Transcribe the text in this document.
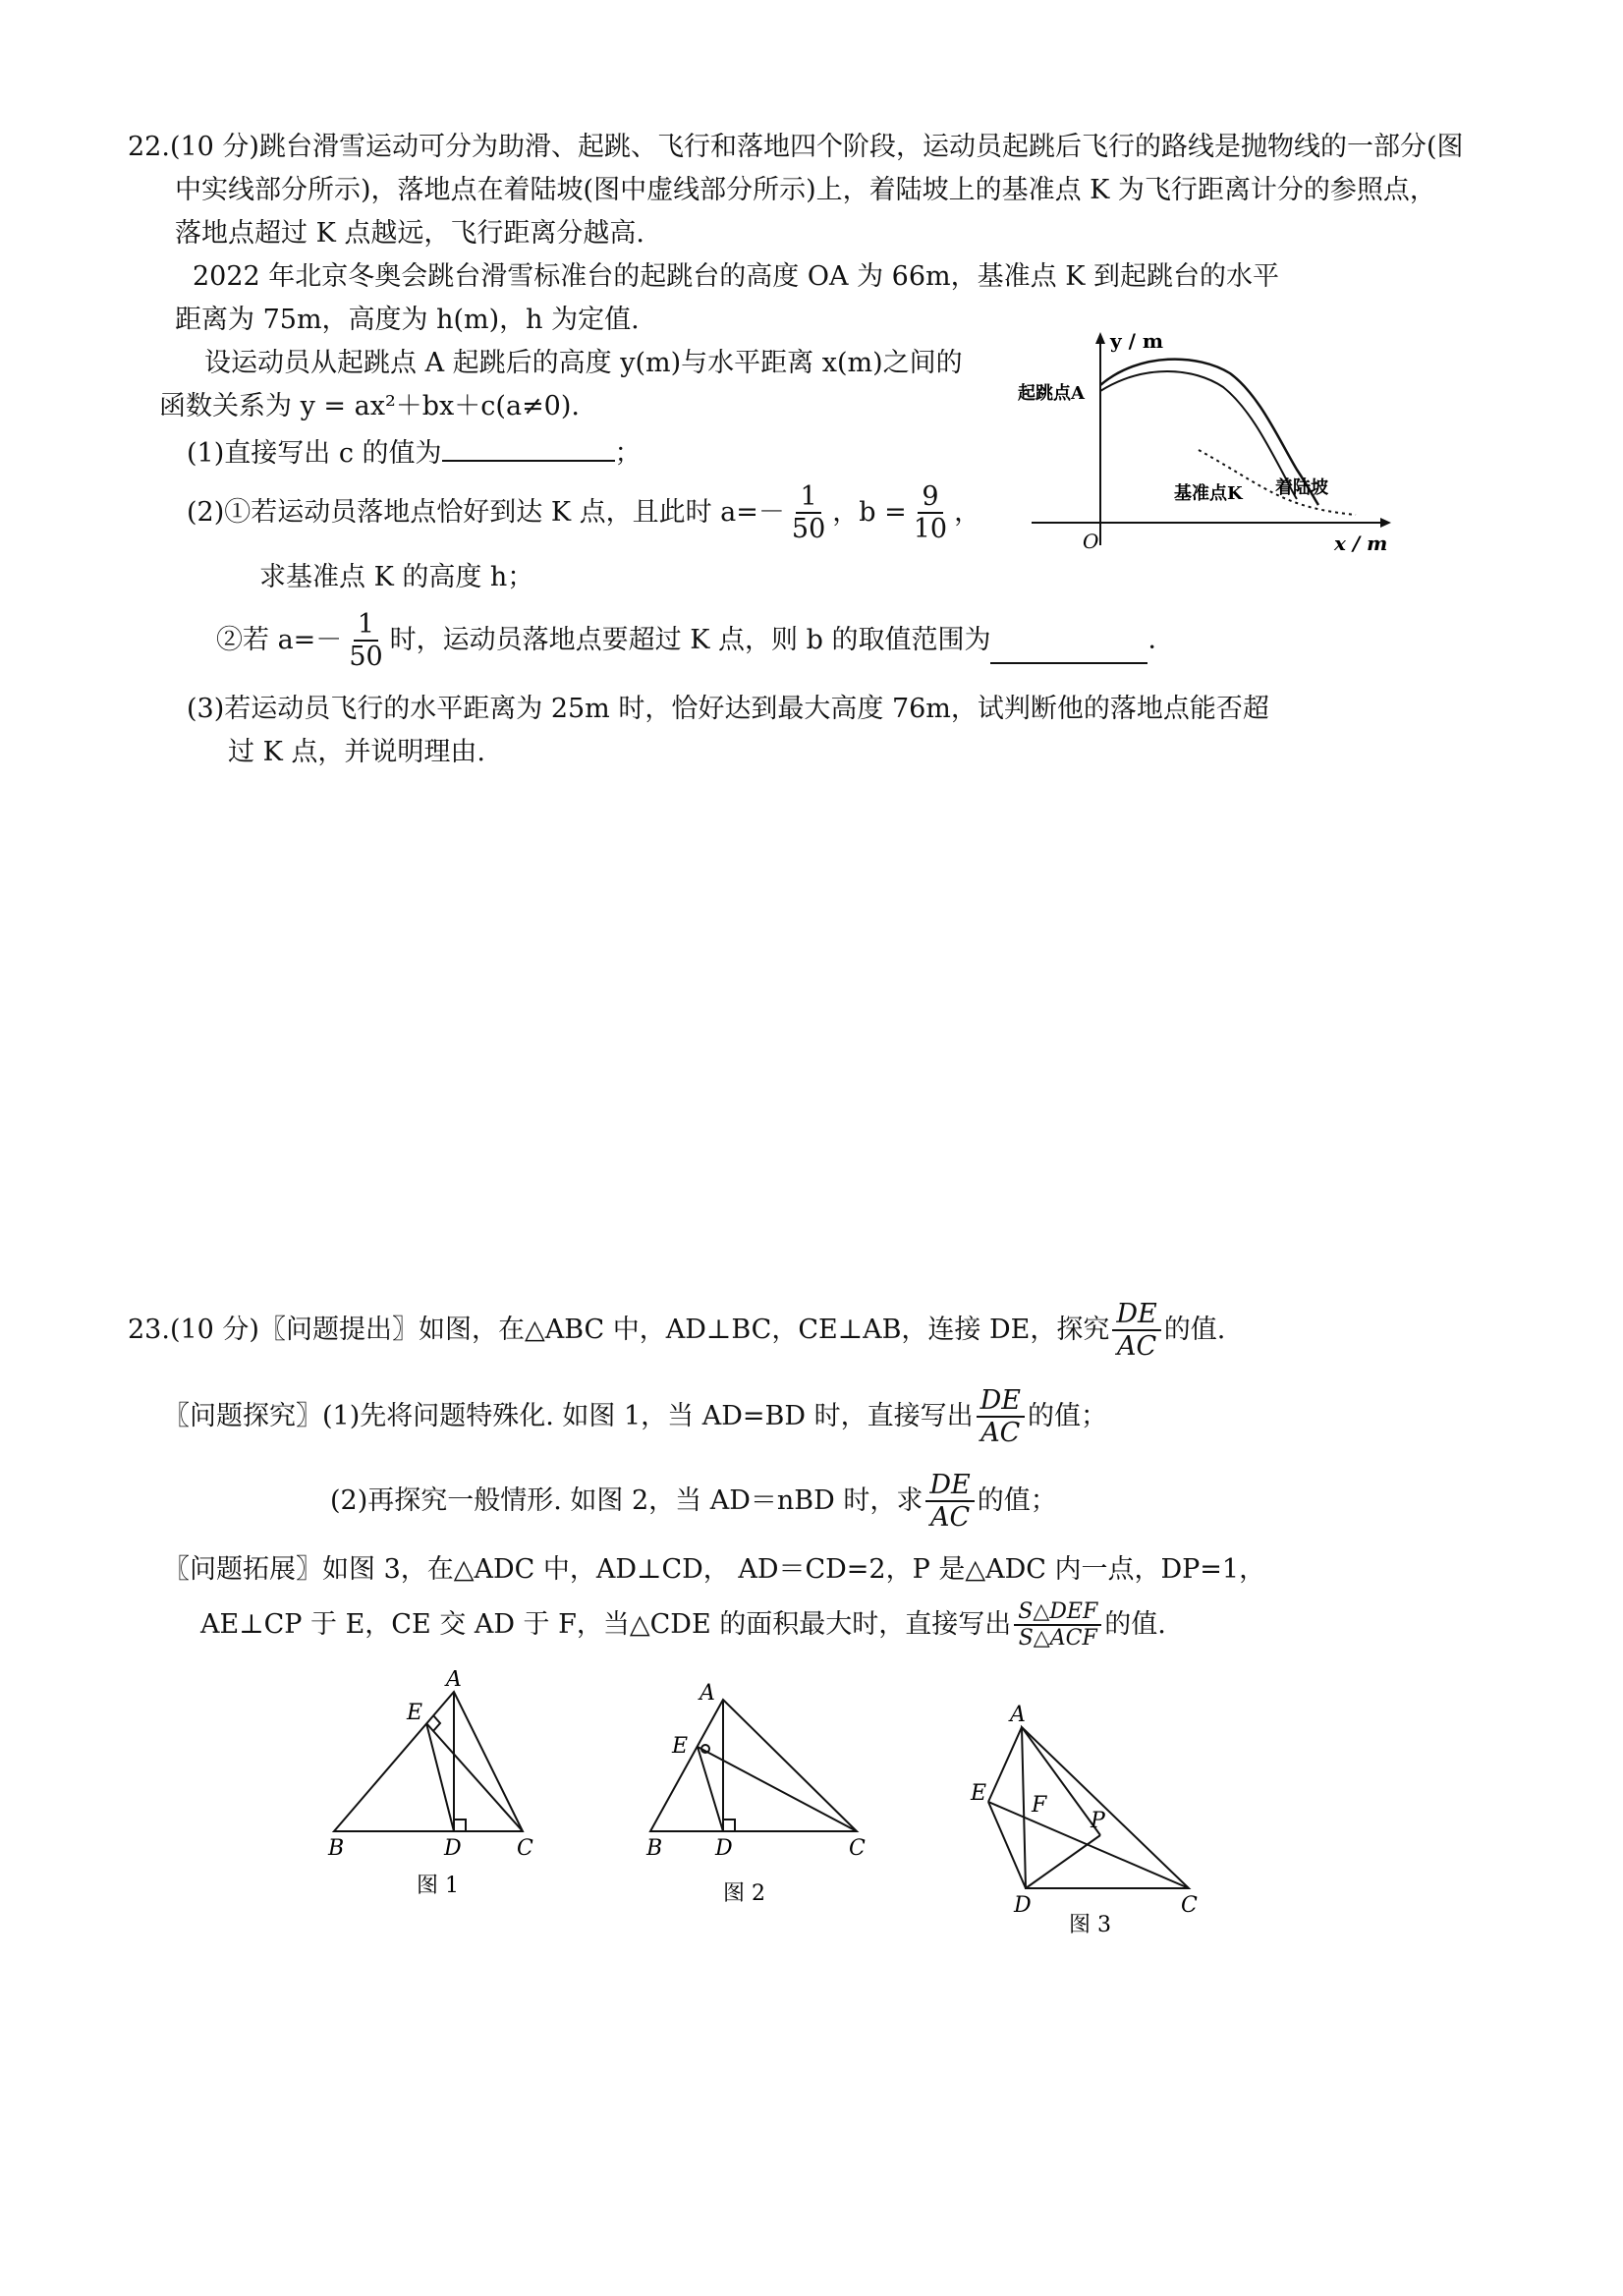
22.(10 分)跳台滑雪运动可分为助滑、起跳、飞行和落地四个阶段，运动员起跳后飞行的路线是抛物线的一部分(图
中实线部分所示)，落地点在着陆坡(图中虚线部分所示)上，着陆坡上的基准点 K 为飞行距离计分的参照点，
落地点超过 K 点越远，飞行距离分越高.
2022 年北京冬奥会跳台滑雪标准台的起跳台的高度 OA 为 66m，基准点 K 到起跳台的水平
距离为 75m，高度为 h(m)，h 为定值.
设运动员从起跳点 A 起跳后的高度 y(m)与水平距离 x(m)之间的
函数关系为 y = ax²＋bx＋c(a≠0).
(1)直接写出 c 的值为	；
(2)①若运动员落地点恰好到达 K 点，且此时 $a=- \frac{1}{50}$ ，$b = \frac{9}{10}$ ，
求基准点 K 的高度 h；
②若 $a=- \frac{1}{50}$ 时，运动员落地点要超过 K 点，则 b 的取值范围为	．
(3)若运动员飞行的水平距离为 25m 时，恰好达到最大高度 76m，试判断他的落地点能否超
过 K 点，并说明理由.
y / m
x / m
O
起跳点A
基准点K 着陆坡
23.(10 分)〖问题提出〗如图，在△ABC 中，AD⊥BC，CE⊥AB，连接 DE，探究 $\frac{DE}{AC}$ 的值.
〖问题探究〗(1)先将问题特殊化. 如图 1，当 AD=BD 时，直接写出 $\frac{DE}{AC}$ 的值；
(2)再探究一般情形. 如图 2，当 AD＝nBD 时，求 $\frac{DE}{AC}$ 的值；
〖问题拓展〗如图 3，在△ADC 中，AD⊥CD， AD＝CD=2，P 是△ADC 内一点，DP=1，
AE⊥CP 于 E，CE 交 AD 于 F，当△CDE 的面积最大时，直接写出 $\frac{\text{S△DEF}}{\text{S△ACF}}$ 的值.
A
B	C
D
E
图 1
A
B	C
D
E
图 2
A
E F
P
D	C
图 3
